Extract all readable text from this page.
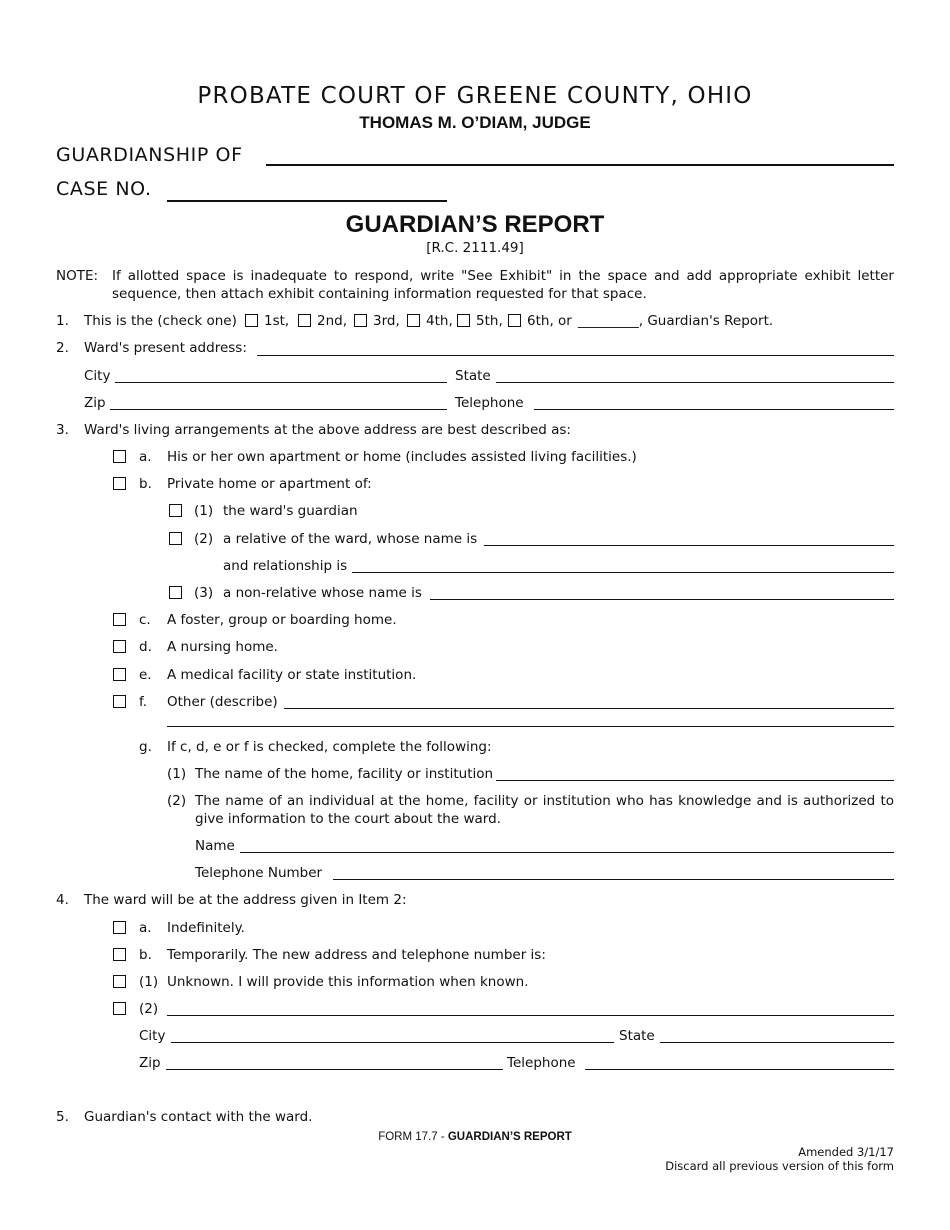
PROBATE COURT OF GREENE COUNTY, OHIO
THOMAS M. O’DIAM, JUDGE
GUARDIANSHIP OF
CASE NO.
GUARDIAN’S REPORT
[R.C. 2111.49]
NOTE: If allotted space is inadequate to respond, write "See Exhibit" in the space and add appropriate exhibit letter
sequence, then attach exhibit containing information requested for that space.
1. This is the (check one) 1st, 2nd, 3rd, 4th, 5th, 6th, or _________, Guardian's Report.
2. Ward's present address:
City	State
Zip	Telephone
3. Ward's living arrangements at the above address are best described as:
a. His or her own apartment or home (includes assisted living facilities.)
b. Private home or apartment of:
(1) the ward's guardian
(2) a relative of the ward, whose name is
and relationship is
(3) a non-relative whose name is
c. A foster, group or boarding home.
d. A nursing home.
e. A medical facility or state institution.
f. Other (describe)
g. If c, d, e or f is checked, complete the following:
(1) The name of the home, facility or institution
(2) The name of an individual at the home, facility or institution who has knowledge and is authorized to
give information to the court about the ward.
Name
Telephone Number
4. The ward will be at the address given in Item 2:
a. Indefinitely.
b. Temporarily. The new address and telephone number is:
(1) Unknown. I will provide this information when known.
(2)
City	State
Zip	Telephone
5. Guardian's contact with the ward.
FORM 17.7 - GUARDIAN’S REPORT
Amended 3/1/17
Discard all previous version of this form
